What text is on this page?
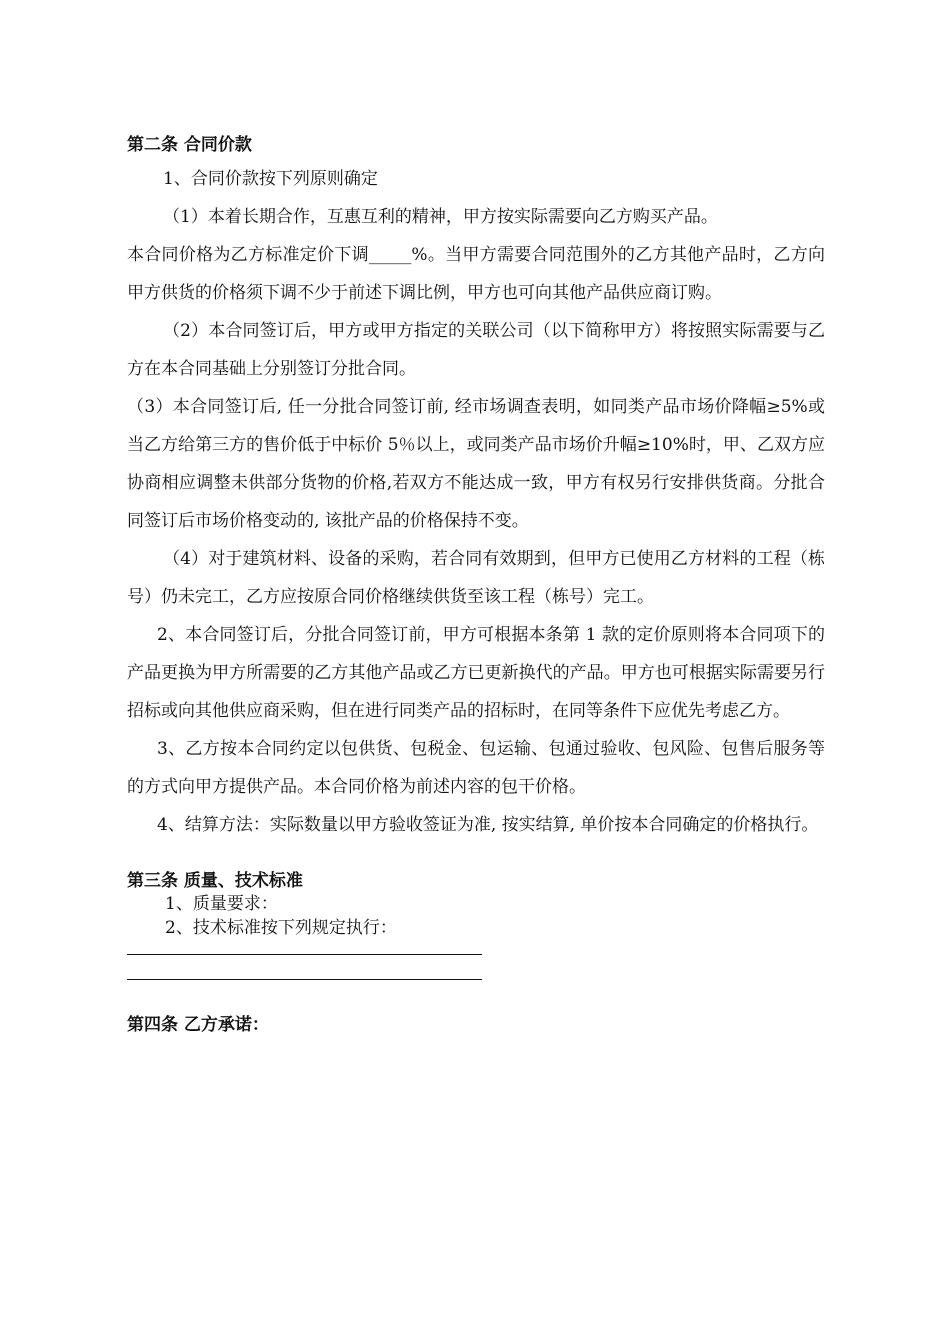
第二条 合同价款

1、合同价款按下列原则确定

（1）本着长期合作，互惠互利的精神，甲方按实际需要向乙方购买产品。

本合同价格为乙方标准定价下调_____%。当甲方需要合同范围外的乙方其他产品时，乙方向甲方供货的价格须下调不少于前述下调比例，甲方也可向其他产品供应商订购。

（2）本合同签订后，甲方或甲方指定的关联公司（以下简称甲方）将按照实际需要与乙方在本合同基础上分别签订分批合同。

（3）本合同签订后, 任一分批合同签订前, 经市场调查表明，如同类产品市场价降幅≥5%或当乙方给第三方的售价低于中标价 5％以上，或同类产品市场价升幅≥10%时，甲、乙双方应协商相应调整未供部分货物的价格,若双方不能达成一致，甲方有权另行安排供货商。分批合同签订后市场价格变动的, 该批产品的价格保持不变。

（4）对于建筑材料、设备的采购，若合同有效期到，但甲方已使用乙方材料的工程（栋号）仍未完工，乙方应按原合同价格继续供货至该工程（栋号）完工。

2、本合同签订后，分批合同签订前，甲方可根据本条第 1 款的定价原则将本合同项下的产品更换为甲方所需要的乙方其他产品或乙方已更新换代的产品。甲方也可根据实际需要另行招标或向其他供应商采购，但在进行同类产品的招标时，在同等条件下应优先考虑乙方。

3、乙方按本合同约定以包供货、包税金、包运输、包通过验收、包风险、包售后服务等的方式向甲方提供产品。本合同价格为前述内容的包干价格。

4、结算方法：实际数量以甲方验收签证为准, 按实结算, 单价按本合同确定的价格执行。

第三条 质量、技术标准

1、质量要求：

2、技术标准按下列规定执行：

第四条 乙方承诺：
